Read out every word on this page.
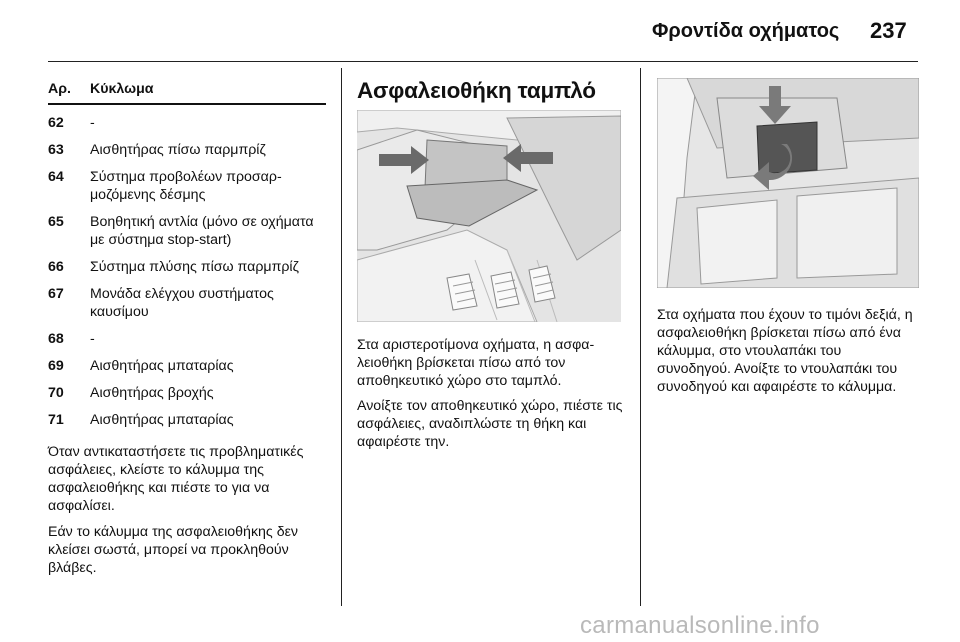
Φροντίδα οχήματος 237
Αρ.	Κύκλωμα
62	-
63	Αισθητήρας πίσω παρμπρίζ
64	Σύστημα προβολέων προσαρμοζόμενης δέσμης
65	Βοηθητική αντλία (μόνο σε οχήματα με σύστημα stop-start)
66	Σύστημα πλύσης πίσω παρμπρίζ
67	Μονάδα ελέγχου συστήματος καυσίμου
68	-
69	Αισθητήρας μπαταρίας
70	Αισθητήρας βροχής
71	Αισθητήρας μπαταρίας

Όταν αντικαταστήσετε τις προβληματικές ασφάλειες, κλείστε το κάλυμμα της ασφαλειοθήκης και πιέστε το για να ασφαλίσει.

Εάν το κάλυμμα της ασφαλειοθήκης δεν κλείσει σωστά, μπορεί να προκληθούν βλάβες.

Ασφαλειοθήκη ταμπλό

Στα αριστεροτίμονα οχήματα, η ασφαλειοθήκη βρίσκεται πίσω από τον αποθηκευτικό χώρο στο ταμπλό.

Ανοίξτε τον αποθηκευτικό χώρο, πιέστε τις ασφάλειες, αναδιπλώστε τη θήκη και αφαιρέστε την.

Στα οχήματα που έχουν το τιμόνι δεξιά, η ασφαλειοθήκη βρίσκεται πίσω από ένα κάλυμμα, στο ντουλαπάκι του συνοδηγού. Ανοίξτε το ντουλαπάκι του συνοδηγού και αφαιρέστε το κάλυμμα.

carmanualsonline.info
